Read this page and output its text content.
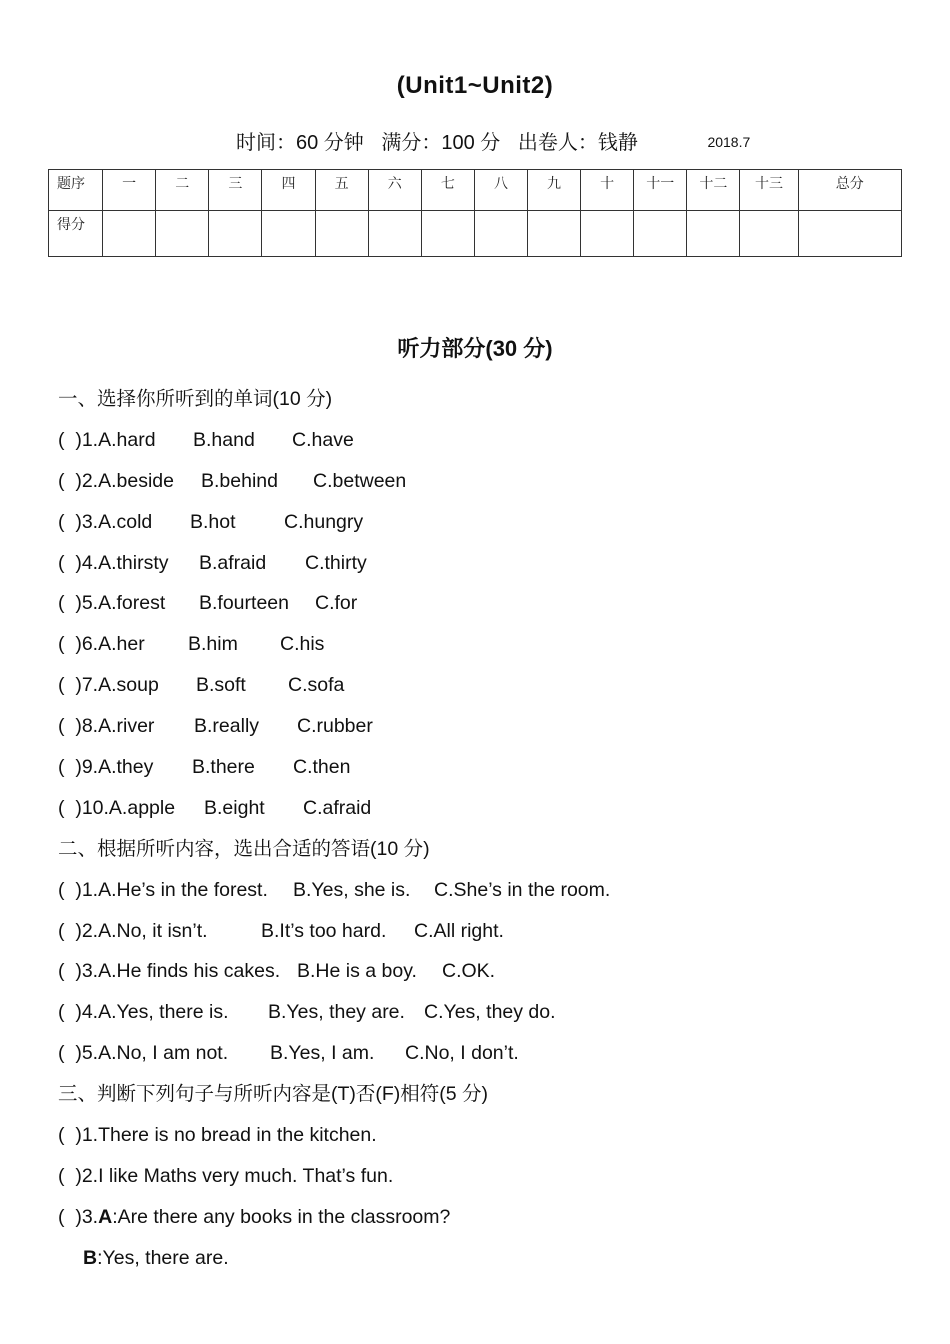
(Unit1~Unit2)
时间：60 分钟 满分：100 分 出卷人：钱静	2018.7
题序	一	二	三	四	五	六	七	八	九	十	十一	十二	十三	总分
得分														
听力部分(30 分)
一、选择你所听到的单词(10 分)
(  )1.A.hard B.hand C.have
(  )2.A.beside B.behind C.between
(  )3.A.cold B.hot C.hungry
(  )4.A.thirsty B.afraid C.thirty
(  )5.A.forest B.fourteen C.for
(  )6.A.her B.him C.his
(  )7.A.soup B.soft C.sofa
(  )8.A.river B.really C.rubber
(  )9.A.they B.there C.then
(  )10.A.apple B.eight C.afraid
二、根据所听内容，选出合适的答语(10 分)
(  )1.A.He’s in the forest. B.Yes, she is. C.She’s in the room.
(  )2.A.No, it isn’t.	B.It’s too hard. C.All right.
(  )3.A.He finds his cakes. B.He is a boy. C.OK.
(  )4.A.Yes, there is. B.Yes, they are. C.Yes, they do.
(  )5.A.No, I am not. B.Yes, I am. C.No, I don’t.
三、判断下列句子与所听内容是(T)否(F)相符(5 分)
(  )1.There is no bread in the kitchen.
(  )2.I like Maths very much. That’s fun.
(  )3.A:Are there any books in the classroom?
B:Yes, there are.
